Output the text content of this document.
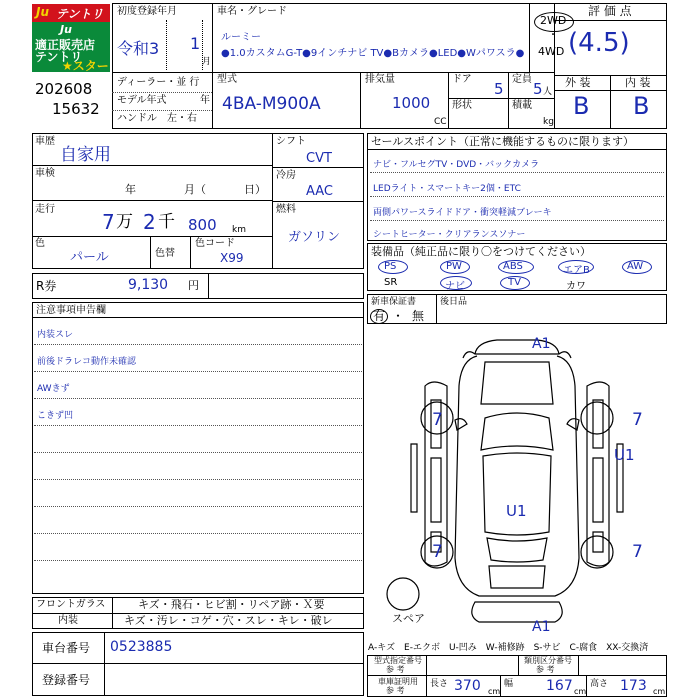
Ju テントリ
Ju
適正販売店
テントリ
★スター
202608
15632
初度登録年月
令和3 1
月
車名・グレード
ルーミー
●1.0カスタムG-T●9インチナビ TV●Bカメラ●LED●Wパワスラ●
2WD
・
4WD
評 価 点
(4.5)
外 装	内 装
B B
ディーラー・並 行
モデル年式	年
ハンドル　左・右
型式
4BA-M900A
排気量
1000
CC
ドア
5
定員
5 人
形状	積載
kg
車歴
自家用
車検
年	月（	日）
走行
7 万 2 千 800 km
色
パール	色替
色コード
X99
シフト
CVT
冷房
AAC
燃料
ガソリン
セールスポイント（正常に機能するものに限ります）
ナビ・フルセグTV・DVD・バックカメラ
LEDライト・スマートキー2個・ETC
両側パワースライドドア・衝突軽減ブレーキ
シートヒーター・クリアランスソナー
装備品（純正品に限り〇をつけてください）
PS	PW	ABS	エアB	AW
SR	ナビ	TV	カワ
R券	9,130 円
新車保証書
有 ・ 無
後日品
注意事項申告欄
内装スレ
前後ドラレコ動作未確認
AWきず
こきず凹
A1
7	7
U1
U1
7	7
A1
スペア
フロントガラス	キズ・飛石・ヒビ割・リペア跡・Ｘ要
内装	キズ・汚レ・コゲ・穴・スレ・キレ・破レ
車台番号 0523885
登録番号
A-キズ　E-エクボ　U-凹み　W-補修跡　S-サビ　C-腐食　XX-交換済
型式指定番号
参 考
類別区分番号
参 考
車庫証明用
参 考
長さ 370 cm
幅 167 cm
高さ 173 cm
